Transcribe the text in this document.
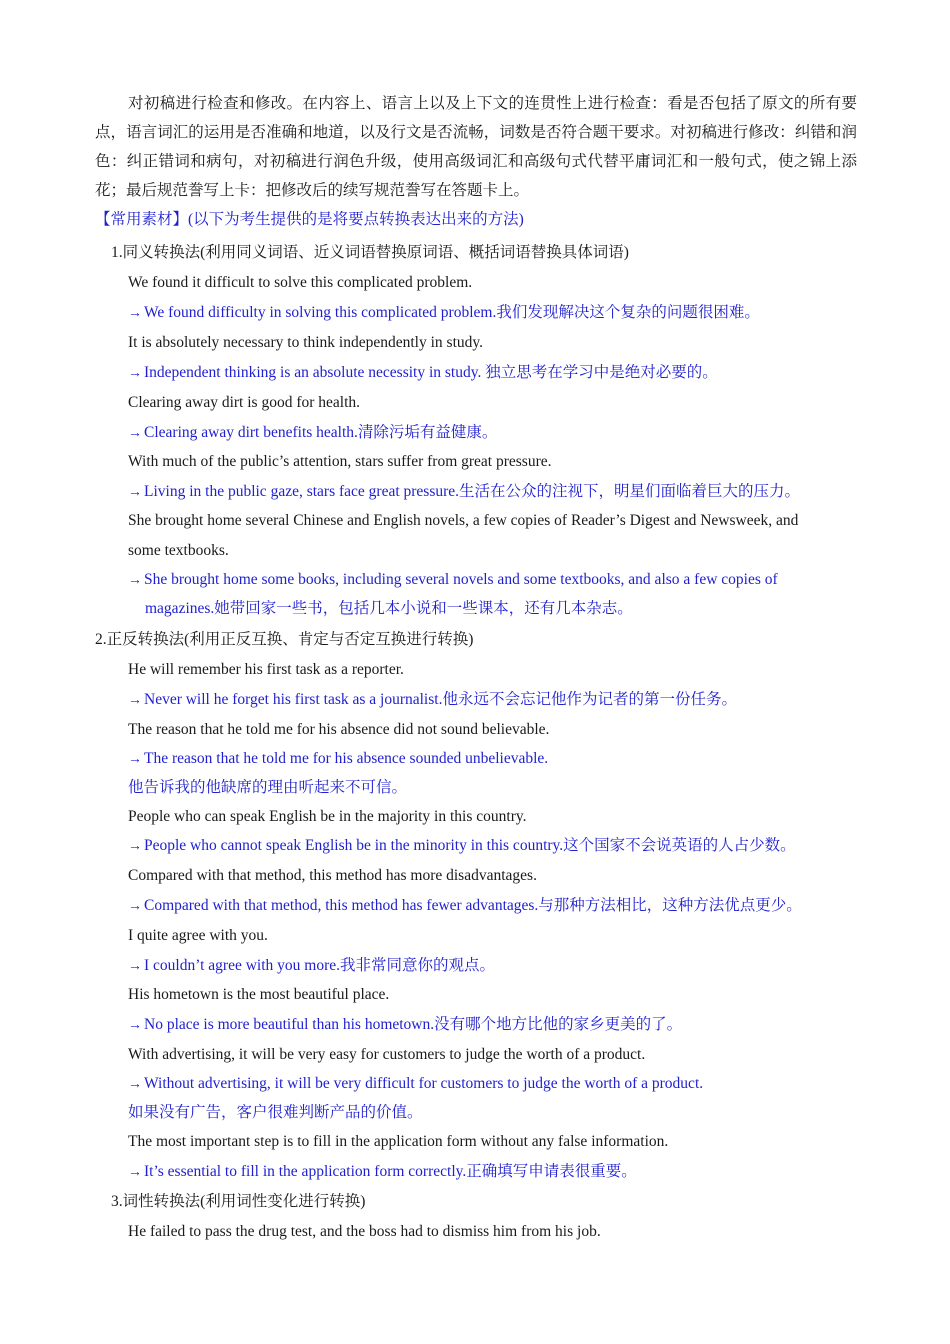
对初稿进行检查和修改。在内容上、语言上以及上下文的连贯性上进行检查：看是否包括了原文的所有要点，语言词汇的运用是否准确和地道，以及行文是否流畅，词数是否符合题干要求。对初稿进行修改：纠错和润色：纠正错词和病句，对初稿进行润色升级，使用高级词汇和高级句式代替平庸词汇和一般句式，使之锦上添花；最后规范誊写上卡：把修改后的续写规范誊写在答题卡上。
【常用素材】(以下为考生提供的是将要点转换表达出来的方法)
1.同义转换法(利用同义词语、近义词语替换原词语、概括词语替换具体词语)
We found it difficult to solve this complicated problem.
→ We found difficulty in solving this complicated problem.我们发现解决这个复杂的问题很困难。
It is absolutely necessary to think independently in study.
→ Independent thinking is an absolute necessity in study. 独立思考在学习中是绝对必要的。
Clearing away dirt is good for health.
→ Clearing away dirt benefits health.清除污垢有益健康。
With much of the public’s attention, stars suffer from great pressure.
→ Living in the public gaze, stars face great pressure.生活在公众的注视下，明星们面临着巨大的压力。
She brought home several Chinese and English novels, a few copies of Reader’s Digest and Newsweek, and
some textbooks.
→ She brought home some books, including several novels and some textbooks, and also a few copies of
magazines.她带回家一些书，包括几本小说和一些课本，还有几本杂志。
2.正反转换法(利用正反互换、肯定与否定互换进行转换)
He will remember his first task as a reporter.
→ Never will he forget his first task as a journalist.他永远不会忘记他作为记者的第一份任务。
The reason that he told me for his absence did not sound believable.
→ The reason that he told me for his absence sounded unbelievable.
他告诉我的他缺席的理由听起来不可信。
People who can speak English be in the majority in this country.
→ People who cannot speak English be in the minority in this country.这个国家不会说英语的人占少数。
Compared with that method, this method has more disadvantages.
→ Compared with that method, this method has fewer advantages.与那种方法相比，这种方法优点更少。
I quite agree with you.
→ I couldn’t agree with you more.我非常同意你的观点。
His hometown is the most beautiful place.
→ No place is more beautiful than his hometown.没有哪个地方比他的家乡更美的了。
With advertising, it will be very easy for customers to judge the worth of a product.
→ Without advertising, it will be very difficult for customers to judge the worth of a product.
如果没有广告，客户很难判断产品的价值。
The most important step is to fill in the application form without any false information.
→ It’s essential to fill in the application form correctly.正确填写申请表很重要。
3.词性转换法(利用词性变化进行转换)
He failed to pass the drug test, and the boss had to dismiss him from his job.
